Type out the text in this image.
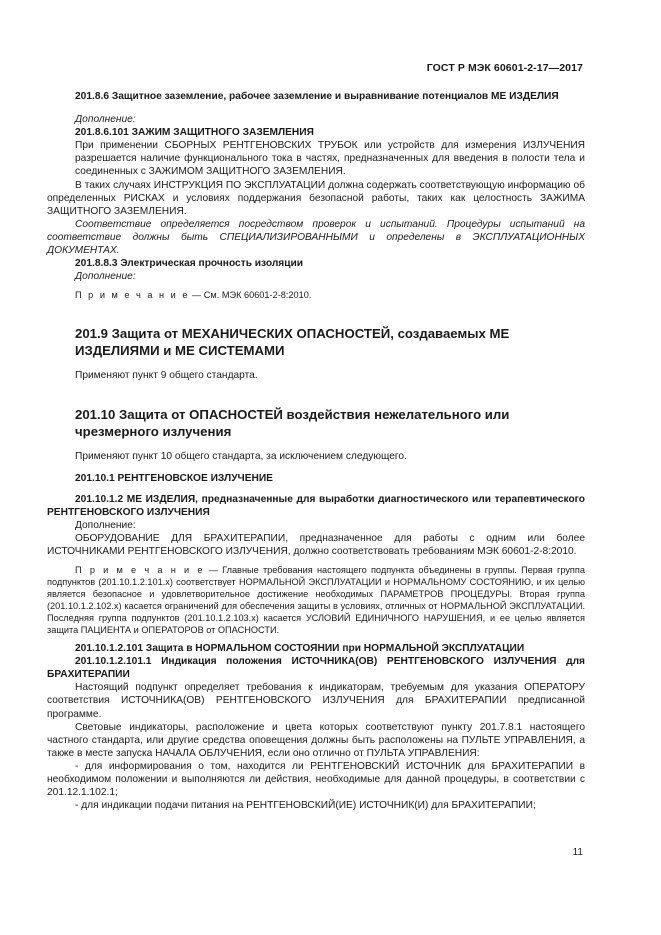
ГОСТ Р МЭК 60601-2-17—2017

201.8.6 Защитное заземление, рабочее заземление и выравнивание потенциалов МЕ ИЗДЕЛИЯ

Дополнение:

201.8.6.101 ЗАЖИМ ЗАЩИТНОГО ЗАЗЕМЛЕНИЯ

При применении СБОРНЫХ РЕНТГЕНОВСКИХ ТРУБОК или устройств для измерения ИЗЛУЧЕНИЯ разрешается наличие функционального тока в частях, предназначенных для введения в полости тела и соединенных с ЗАЖИМОМ ЗАЩИТНОГО ЗАЗЕМЛЕНИЯ.

В таких случаях ИНСТРУКЦИЯ ПО ЭКСПЛУАТАЦИИ должна содержать соответствующую информацию об определенных РИСКАХ и условиях поддержания безопасной работы, таких как целостность ЗАЖИМА ЗАЩИТНОГО ЗАЗЕМЛЕНИЯ.

Соответствие определяется посредством проверок и испытаний. Процедуры испытаний на соответствие должны быть СПЕЦИАЛИЗИРОВАННЫМИ и определены в ЭКСПЛУАТАЦИОННЫХ ДОКУМЕНТАХ.

201.8.8.3 Электрическая прочность изоляции

Дополнение:

П р и м е ч а н и е — См. МЭК 60601-2-8:2010.

201.9 Защита от МЕХАНИЧЕСКИХ ОПАСНОСТЕЙ, создаваемых МЕ ИЗДЕЛИЯМИ и МЕ СИСТЕМАМИ

Применяют пункт 9 общего стандарта.

201.10 Защита от ОПАСНОСТЕЙ воздействия нежелательного или чрезмерного излучения

Применяют пункт 10 общего стандарта, за исключением следующего.

201.10.1 РЕНТГЕНОВСКОЕ ИЗЛУЧЕНИЕ

201.10.1.2 МЕ ИЗДЕЛИЯ, предназначенные для выработки диагностического или терапевтического РЕНТГЕНОВСКОГО ИЗЛУЧЕНИЯ

Дополнение:

ОБОРУДОВАНИЕ ДЛЯ БРАХИТЕРАПИИ, предназначенное для работы с одним или более ИСТОЧНИКАМИ РЕНТГЕНОВСКОГО ИЗЛУЧЕНИЯ, должно соответствовать требованиям МЭК 60601-2-8:2010.

П р и м е ч а н и е — Главные требования настоящего подпункта объединены в группы. Первая группа подпунктов (201.10.1.2.101.х) соответствует НОРМАЛЬНОЙ ЭКСПЛУАТАЦИИ и НОРМАЛЬНОМУ СОСТОЯНИЮ, и их целью является безопасное и удовлетворительное достижение необходимых ПАРАМЕТРОВ ПРОЦЕДУРЫ. Вторая группа (201.10.1.2.102.х) касается ограничений для обеспечения защиты в условиях, отличных от НОРМАЛЬНОЙ ЭКСПЛУАТАЦИИ. Последняя группа подпунктов (201.10.1.2.103.х) касается УСЛОВИЙ ЕДИНИЧНОГО НАРУШЕНИЯ, и ее целью является защита ПАЦИЕНТА и ОПЕРАТОРОВ от ОПАСНОСТИ.

201.10.1.2.101 Защита в НОРМАЛЬНОМ СОСТОЯНИИ при НОРМАЛЬНОЙ ЭКСПЛУАТАЦИИ

201.10.1.2.101.1 Индикация положения ИСТОЧНИКА(ОВ) РЕНТГЕНОВСКОГО ИЗЛУЧЕНИЯ для БРАХИТЕРАПИИ

Настоящий подпункт определяет требования к индикаторам, требуемым для указания ОПЕРАТОРУ соответствия ИСТОЧНИКА(ОВ) РЕНТГЕНОВСКОГО ИЗЛУЧЕНИЯ для БРАХИТЕРАПИИ предписанной программе.

Световые индикаторы, расположение и цвета которых соответствуют пункту 201.7.8.1 настоящего частного стандарта, или другие средства оповещения должны быть расположены на ПУЛЬТЕ УПРАВЛЕНИЯ, а также в месте запуска НАЧАЛА ОБЛУЧЕНИЯ, если оно отлично от ПУЛЬТА УПРАВЛЕНИЯ:

- для информирования о том, находится ли РЕНТГЕНОВСКИЙ ИСТОЧНИК для БРАХИТЕРАПИИ в необходимом положении и выполняются ли действия, необходимые для данной процедуры, в соответствии с 201.12.1.102.1;

- для индикации подачи питания на РЕНТГЕНОВСКИЙ(ИЕ) ИСТОЧНИК(И) для БРАХИТЕРАПИИ;

11
